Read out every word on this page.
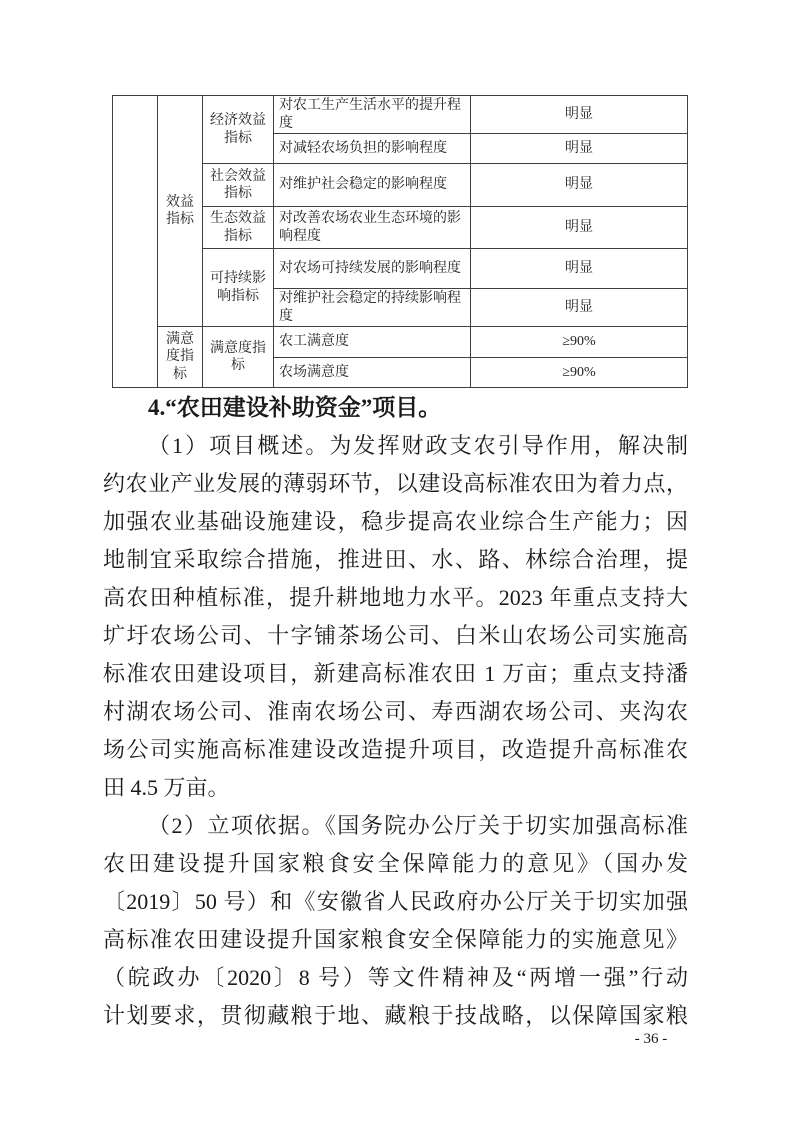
	效益指标	经济效益指标	对农工生产生活水平的提升程度	明显
			对减轻农场负担的影响程度	明显
		社会效益指标	对维护社会稳定的影响程度	明显
		生态效益指标	对改善农场农业生态环境的影响程度	明显
		可持续影响指标	对农场可持续发展的影响程度	明显
			对维护社会稳定的持续影响程度	明显
	满意度指标	满意度指标	农工满意度	≥90%
			农场满意度	≥90%
4.“农田建设补助资金”项目。
（1）项目概述。为发挥财政支农引导作用，解决制
约农业产业发展的薄弱环节，以建设高标准农田为着力点，
加强农业基础设施建设，稳步提高农业综合生产能力；因
地制宜采取综合措施，推进田、水、路、林综合治理，提
高农田种植标准，提升耕地地力水平。2023 年重点支持大
圹圩农场公司、十字铺茶场公司、白米山农场公司实施高
标准农田建设项目，新建高标准农田 1 万亩；重点支持潘
村湖农场公司、淮南农场公司、寿西湖农场公司、夹沟农
场公司实施高标准建设改造提升项目，改造提升高标准农
田 4.5 万亩。
（2）立项依据。《国务院办公厅关于切实加强高标准
农田建设提升国家粮食安全保障能力的意见》（国办发
〔2019〕50 号）和《安徽省人民政府办公厅关于切实加强
高标准农田建设提升国家粮食安全保障能力的实施意见》
（皖政办〔2020〕8 号）等文件精神及“两增一强”行动
计划要求，贯彻藏粮于地、藏粮于技战略，以保障国家粮
- 36 -
